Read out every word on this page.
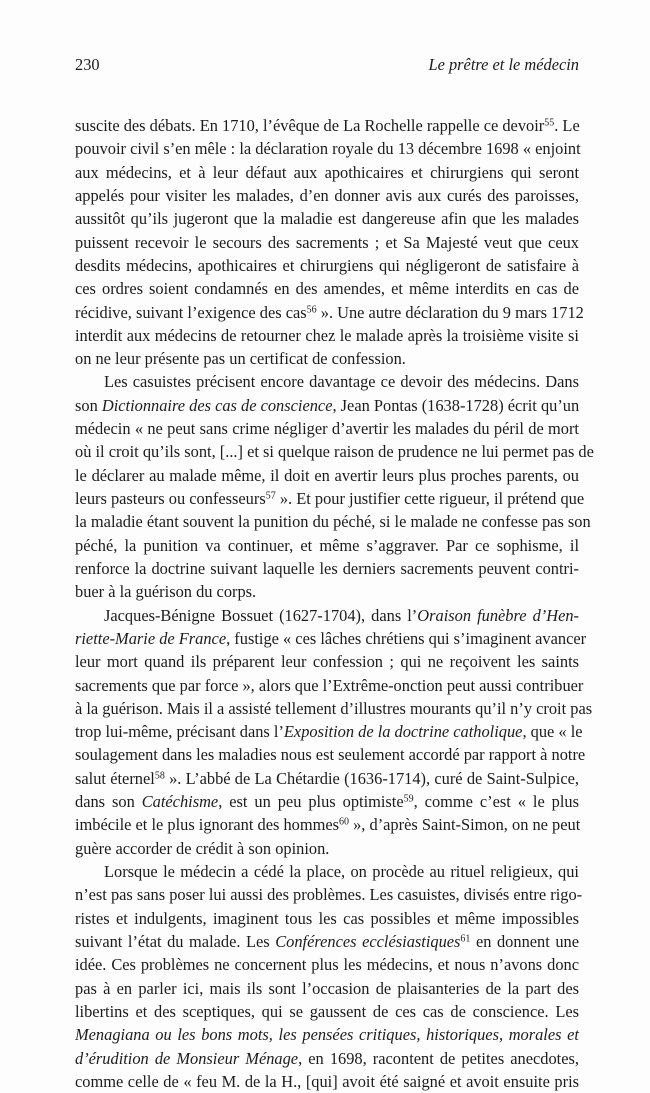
230	Le prêtre et le médecin
suscite des débats. En 1710, l’évêque de La Rochelle rappelle ce devoir$^{55}$. Le
pouvoir civil s’en mêle : la déclaration royale du 13 décembre 1698 « enjoint
aux médecins, et à leur défaut aux apothicaires et chirurgiens qui seront
appelés pour visiter les malades, d’en donner avis aux curés des paroisses,
aussitôt qu’ils jugeront que la maladie est dangereuse afin que les malades
puissent recevoir le secours des sacrements ; et Sa Majesté veut que ceux
desdits médecins, apothicaires et chirurgiens qui négligeront de satisfaire à
ces ordres soient condamnés en des amendes, et même interdits en cas de
récidive, suivant l’exigence des cas$^{56}$ ». Une autre déclaration du 9 mars 1712
interdit aux médecins de retourner chez le malade après la troisième visite si
on ne leur présente pas un certificat de confession.
Les casuistes précisent encore davantage ce devoir des médecins. Dans
son Dictionnaire des cas de conscience, Jean Pontas (1638-1728) écrit qu’un
médecin « ne peut sans crime négliger d’avertir les malades du péril de mort
où il croit qu’ils sont, [...] et si quelque raison de prudence ne lui permet pas de
le déclarer au malade même, il doit en avertir leurs plus proches parents, ou
leurs pasteurs ou confesseurs$^{57}$ ». Et pour justifier cette rigueur, il prétend que
la maladie étant souvent la punition du péché, si le malade ne confesse pas son
péché, la punition va continuer, et même s’aggraver. Par ce sophisme, il
renforce la doctrine suivant laquelle les derniers sacrements peuvent contri-
buer à la guérison du corps.
Jacques-Bénigne Bossuet (1627-1704), dans l’Oraison funèbre d’Hen-
riette-Marie de France, fustige « ces lâches chrétiens qui s’imaginent avancer
leur mort quand ils préparent leur confession ; qui ne reçoivent les saints
sacrements que par force », alors que l’Extrême-onction peut aussi contribuer
à la guérison. Mais il a assisté tellement d’illustres mourants qu’il n’y croit pas
trop lui-même, précisant dans l’Exposition de la doctrine catholique, que « le
soulagement dans les maladies nous est seulement accordé par rapport à notre
salut éternel$^{58}$ ». L’abbé de La Chétardie (1636-1714), curé de Saint-Sulpice,
dans son Catéchisme, est un peu plus optimiste$^{59}$, comme c’est « le plus
imbécile et le plus ignorant des hommes$^{60}$ », d’après Saint-Simon, on ne peut
guère accorder de crédit à son opinion.
Lorsque le médecin a cédé la place, on procède au rituel religieux, qui
n’est pas sans poser lui aussi des problèmes. Les casuistes, divisés entre rigo-
ristes et indulgents, imaginent tous les cas possibles et même impossibles
suivant l’état du malade. Les Conférences ecclésiastiques$^{61}$ en donnent une
idée. Ces problèmes ne concernent plus les médecins, et nous n’avons donc
pas à en parler ici, mais ils sont l’occasion de plaisanteries de la part des
libertins et des sceptiques, qui se gaussent de ces cas de conscience. Les
Menagiana ou les bons mots, les pensées critiques, historiques, morales et
d’érudition de Monsieur Ménage, en 1698, racontent de petites anecdotes,
comme celle de « feu M. de la H., [qui] avoit été saigné et avoit ensuite pris
